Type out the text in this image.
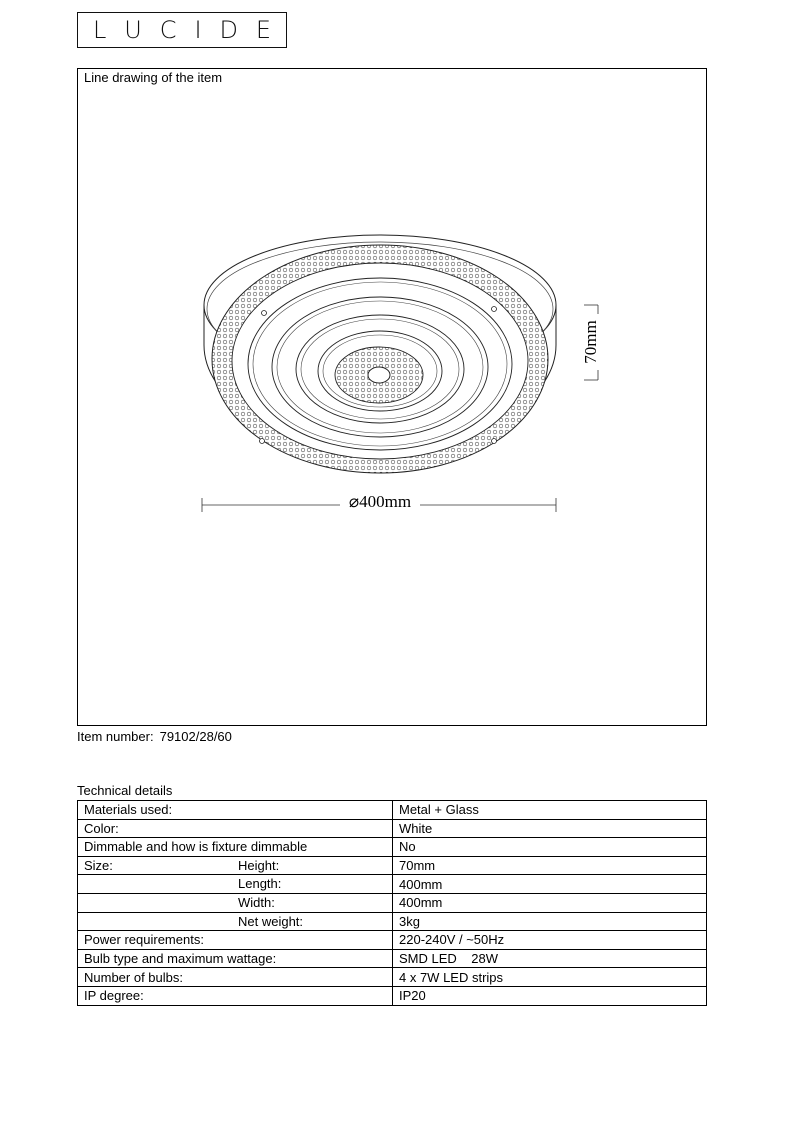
L U C I D E
Line drawing of the item
⌀400mm
70mm
Item number: 79102/28/60
Technical details
Materials used:	Metal + Glass
Color:	White
Dimmable and how is fixture dimmable	No
Size: Height:	70mm

Length:	400mm

Width:	400mm

Net weight:	3kg
Power requirements:	220-240V / ~50Hz
Bulb type and maximum wattage:	SMD LED    28W
Number of bulbs:	4 x 7W LED strips
IP degree:	IP20
